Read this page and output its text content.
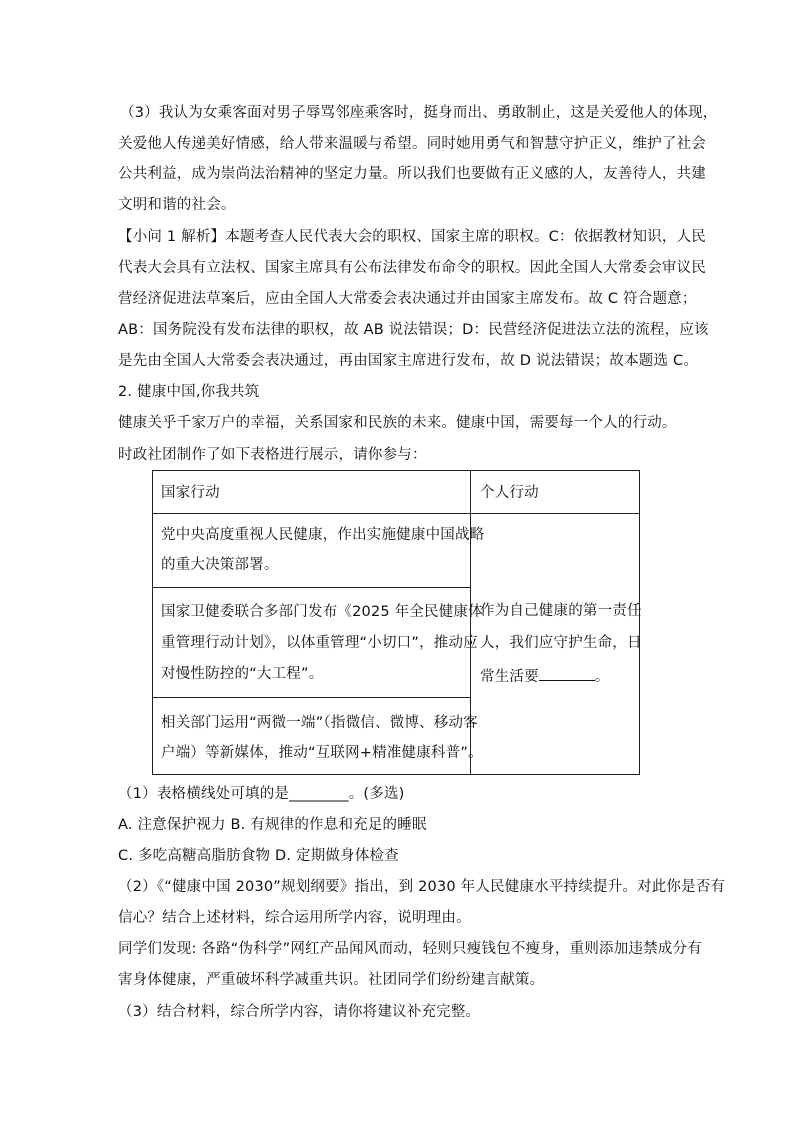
（3）我认为女乘客面对男子辱骂邻座乘客时，挺身而出、勇敢制止，这是关爱他人的体现，
关爱他人传递美好情感，给人带来温暖与希望。同时她用勇气和智慧守护正义，维护了社会
公共利益，成为崇尚法治精神的坚定力量。所以我们也要做有正义感的人，友善待人，共建
文明和谐的社会。
【小问 1 解析】本题考查人民代表大会的职权、国家主席的职权。C：依据教材知识，人民
代表大会具有立法权、国家主席具有公布法律发布命令的职权。因此全国人大常委会审议民
营经济促进法草案后，应由全国人大常委会表决通过并由国家主席发布。故 C 符合题意；
AB：国务院没有发布法律的职权，故 AB 说法错误；D：民营经济促进法立法的流程，应该
是先由全国人大常委会表决通过，再由国家主席进行发布，故 D 说法错误；故本题选 C。
2. 健康中国,你我共筑
健康关乎千家万户的幸福，关系国家和民族的未来。健康中国，需要每一个人的行动。
时政社团制作了如下表格进行展示，请你参与：
国家行动	个人行动
党中央高度重视人民健康，作出实施健康中国战略
的重大决策部署。
国家卫健委联合多部门发布《2025 年全民健康体
重管理行动计划》，以体重管理“小切口”，推动应
对慢性防控的“大工程”。
相关部门运用“两微一端”（指微信、微博、移动客
户端）等新媒体，推动“互联网+精准健康科普”。
作为自己健康的第一责任
人，我们应守护生命，日
常生活要	。
（1）表格横线处可填的是________。(多选)
A. 注意保护视力 B. 有规律的作息和充足的睡眠
C. 多吃高糖高脂肪食物 D. 定期做身体检查
（2）《“健康中国 2030”规划纲要》指出，到 2030 年人民健康水平持续提升。对此你是否有
信心？结合上述材料，综合运用所学内容，说明理由。
同学们发现: 各路“伪科学”网红产品闻风而动，轻则只瘦钱包不瘦身，重则添加违禁成分有
害身体健康，严重破坏科学减重共识。社团同学们纷纷建言献策。
（3）结合材料，综合所学内容，请你将建议补充完整。
